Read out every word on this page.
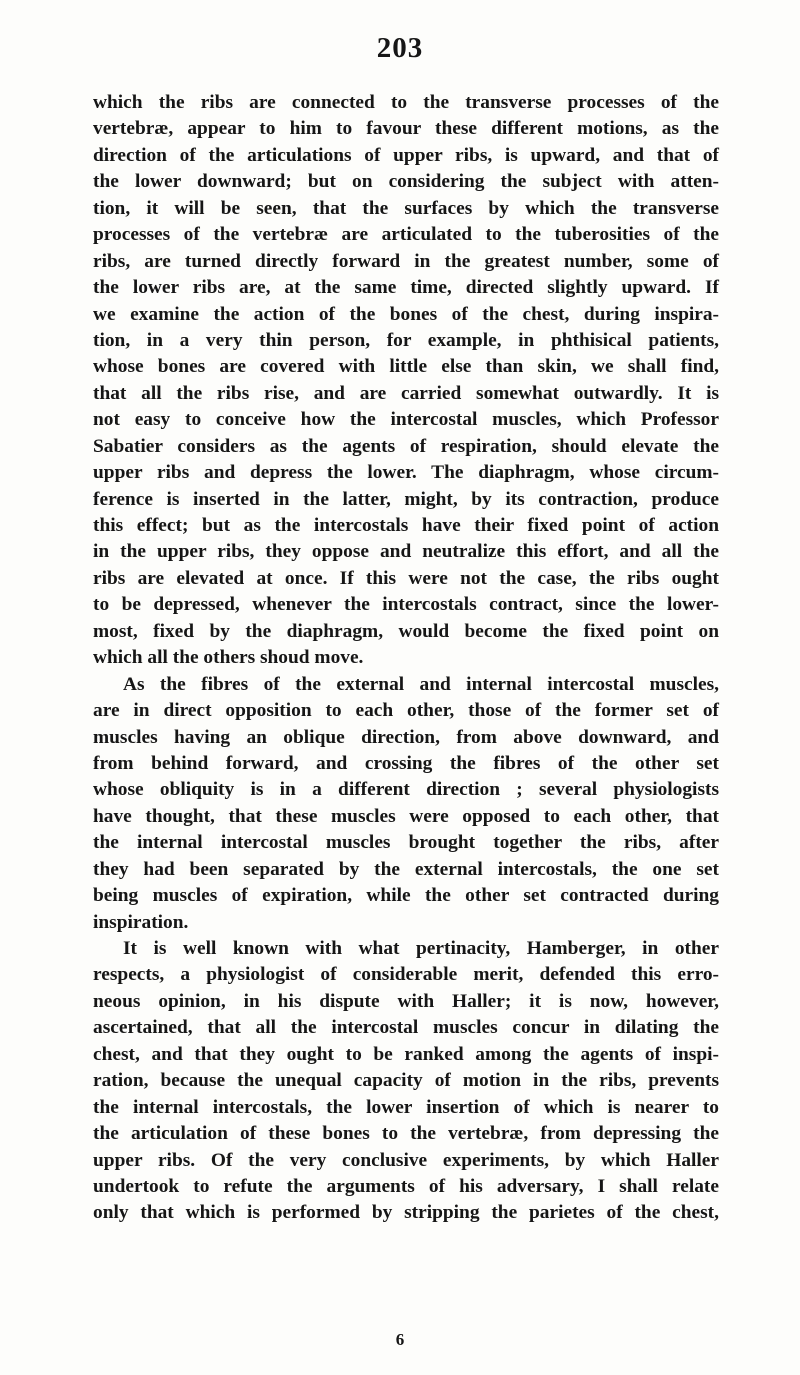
203
which the ribs are connected to the transverse processes of the
vertebræ, appear to him to favour these different motions, as the
direction of the articulations of upper ribs, is upward, and that of
the lower downward; but on considering the subject with atten-
tion, it will be seen, that the surfaces by which the transverse
processes of the vertebræ are articulated to the tuberosities of the
ribs, are turned directly forward in the greatest number, some of
the lower ribs are, at the same time, directed slightly upward. If
we examine the action of the bones of the chest, during inspira-
tion, in a very thin person, for example, in phthisical patients,
whose bones are covered with little else than skin, we shall find,
that all the ribs rise, and are carried somewhat outwardly. It is
not easy to conceive how the intercostal muscles, which Professor
Sabatier considers as the agents of respiration, should elevate the
upper ribs and depress the lower. The diaphragm, whose circum-
ference is inserted in the latter, might, by its contraction, produce
this effect; but as the intercostals have their fixed point of action
in the upper ribs, they oppose and neutralize this effort, and all the
ribs are elevated at once. If this were not the case, the ribs ought
to be depressed, whenever the intercostals contract, since the lower-
most, fixed by the diaphragm, would become the fixed point on
which all the others shoud move.
As the fibres of the external and internal intercostal muscles,
are in direct opposition to each other, those of the former set of
muscles having an oblique direction, from above downward, and
from behind forward, and crossing the fibres of the other set
whose obliquity is in a different direction ; several physiologists
have thought, that these muscles were opposed to each other, that
the internal intercostal muscles brought together the ribs, after
they had been separated by the external intercostals, the one set
being muscles of expiration, while the other set contracted during
inspiration.
It is well known with what pertinacity, Hamberger, in other
respects, a physiologist of considerable merit, defended this erro-
neous opinion, in his dispute with Haller; it is now, however,
ascertained, that all the intercostal muscles concur in dilating the
chest, and that they ought to be ranked among the agents of inspi-
ration, because the unequal capacity of motion in the ribs, prevents
the internal intercostals, the lower insertion of which is nearer to
the articulation of these bones to the vertebræ, from depressing the
upper ribs. Of the very conclusive experiments, by which Haller
undertook to refute the arguments of his adversary, I shall relate
only that which is performed by stripping the parietes of the chest,
6
